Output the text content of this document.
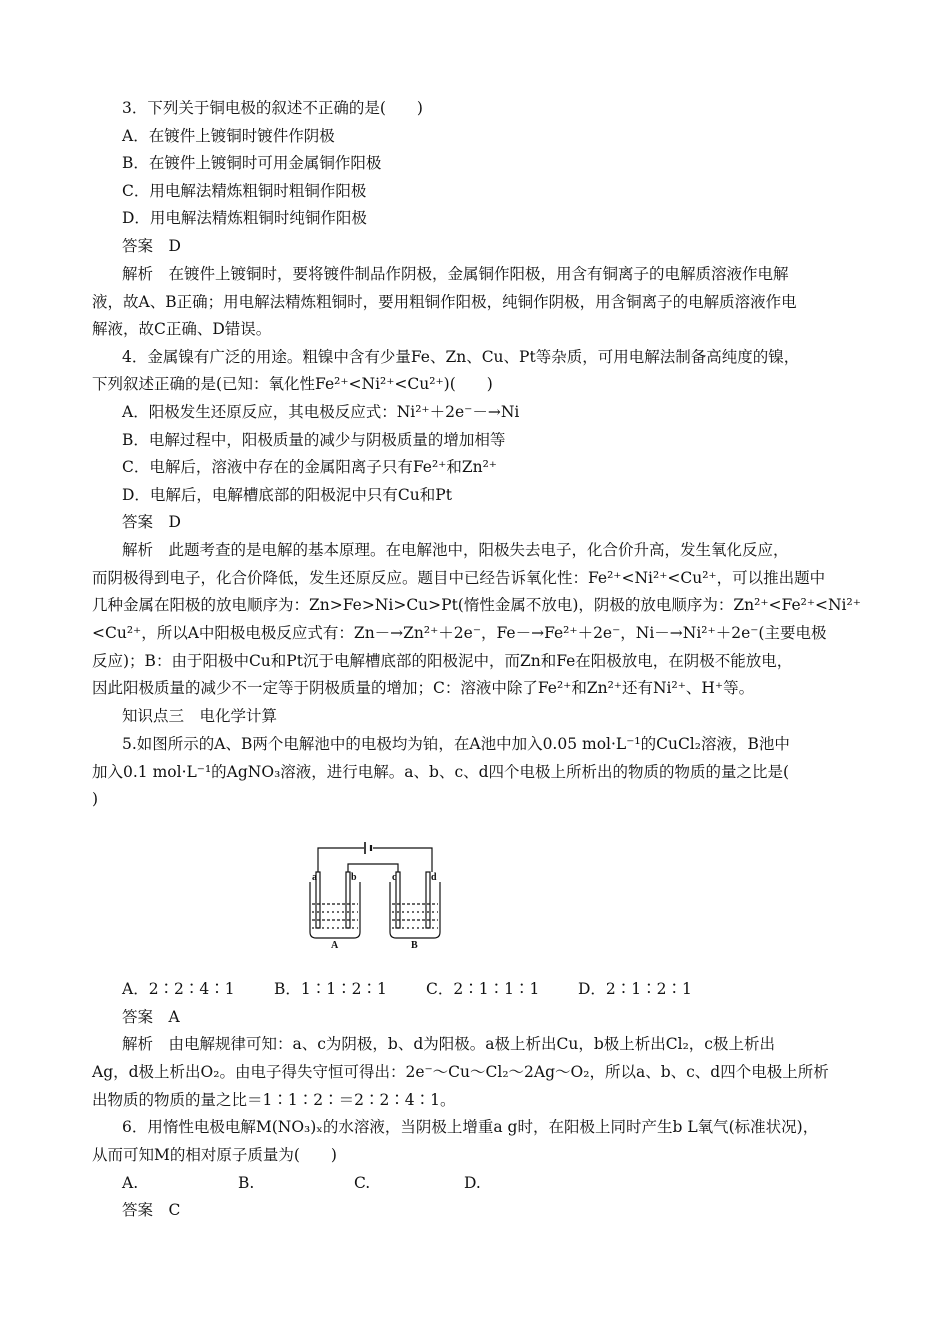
3．下列关于铜电极的叙述不正确的是(　　)
A．在镀件上镀铜时镀件作阴极
B．在镀件上镀铜时可用金属铜作阳极
C．用电解法精炼粗铜时粗铜作阳极
D．用电解法精炼粗铜时纯铜作阳极
答案　D
解析　在镀件上镀铜时，要将镀件制品作阴极，金属铜作阳极，用含有铜离子的电解质溶液作电解
液，故A、B正确；用电解法精炼粗铜时，要用粗铜作阳极，纯铜作阴极，用含铜离子的电解质溶液作电
解液，故C正确、D错误。
4．金属镍有广泛的用途。粗镍中含有少量Fe、Zn、Cu、Pt等杂质，可用电解法制备高纯度的镍，
下列叙述正确的是(已知：氧化性Fe²⁺<Ni²⁺<Cu²⁺)(　　)
A．阳极发生还原反应，其电极反应式：Ni²⁺＋2e⁻－→Ni
B．电解过程中，阳极质量的减少与阴极质量的增加相等
C．电解后，溶液中存在的金属阳离子只有Fe²⁺和Zn²⁺
D．电解后，电解槽底部的阳极泥中只有Cu和Pt
答案　D
解析　此题考查的是电解的基本原理。在电解池中，阳极失去电子，化合价升高，发生氧化反应，
而阴极得到电子，化合价降低，发生还原反应。题目中已经告诉氧化性：Fe²⁺<Ni²⁺<Cu²⁺，可以推出题中
几种金属在阳极的放电顺序为：Zn>Fe>Ni>Cu>Pt(惰性金属不放电)，阴极的放电顺序为：Zn²⁺<Fe²⁺<Ni²⁺
<Cu²⁺，所以A中阳极电极反应式有：Zn－→Zn²⁺＋2e⁻，Fe－→Fe²⁺＋2e⁻，Ni－→Ni²⁺＋2e⁻(主要电极
反应)；B：由于阳极中Cu和Pt沉于电解槽底部的阳极泥中，而Zn和Fe在阳极放电，在阴极不能放电，
因此阳极质量的减少不一定等于阴极质量的增加；C：溶液中除了Fe²⁺和Zn²⁺还有Ni²⁺、H⁺等。
知识点三　电化学计算
5.如图所示的A、B两个电解池中的电极均为铂，在A池中加入0.05 mol·L⁻¹的CuCl₂溶液，B池中
加入0.1 mol·L⁻¹的AgNO₃溶液，进行电解。a、b、c、d四个电极上所析出的物质的物质的量之比是(
)
a	b	c	d
A	B
A．2∶2∶4∶1	B．1∶1∶2∶1	C．2∶1∶1∶1 D．2∶1∶2∶1
答案　A
解析　由电解规律可知：a、c为阴极，b、d为阳极。a极上析出Cu，b极上析出Cl₂，c极上析出
Ag，d极上析出O₂。由电子得失守恒可得出：2e⁻～Cu～Cl₂～2Ag～O₂，所以a、b、c、d四个电极上所析
出物质的物质的量之比＝1∶1∶2∶＝2∶2∶4∶1。
6．用惰性电极电解M(NO₃)ₓ的水溶液，当阴极上增重a g时，在阳极上同时产生b L氧气(标准状况)，
从而可知M的相对原子质量为(　　)
A.	B.	C.	D.
答案　C
